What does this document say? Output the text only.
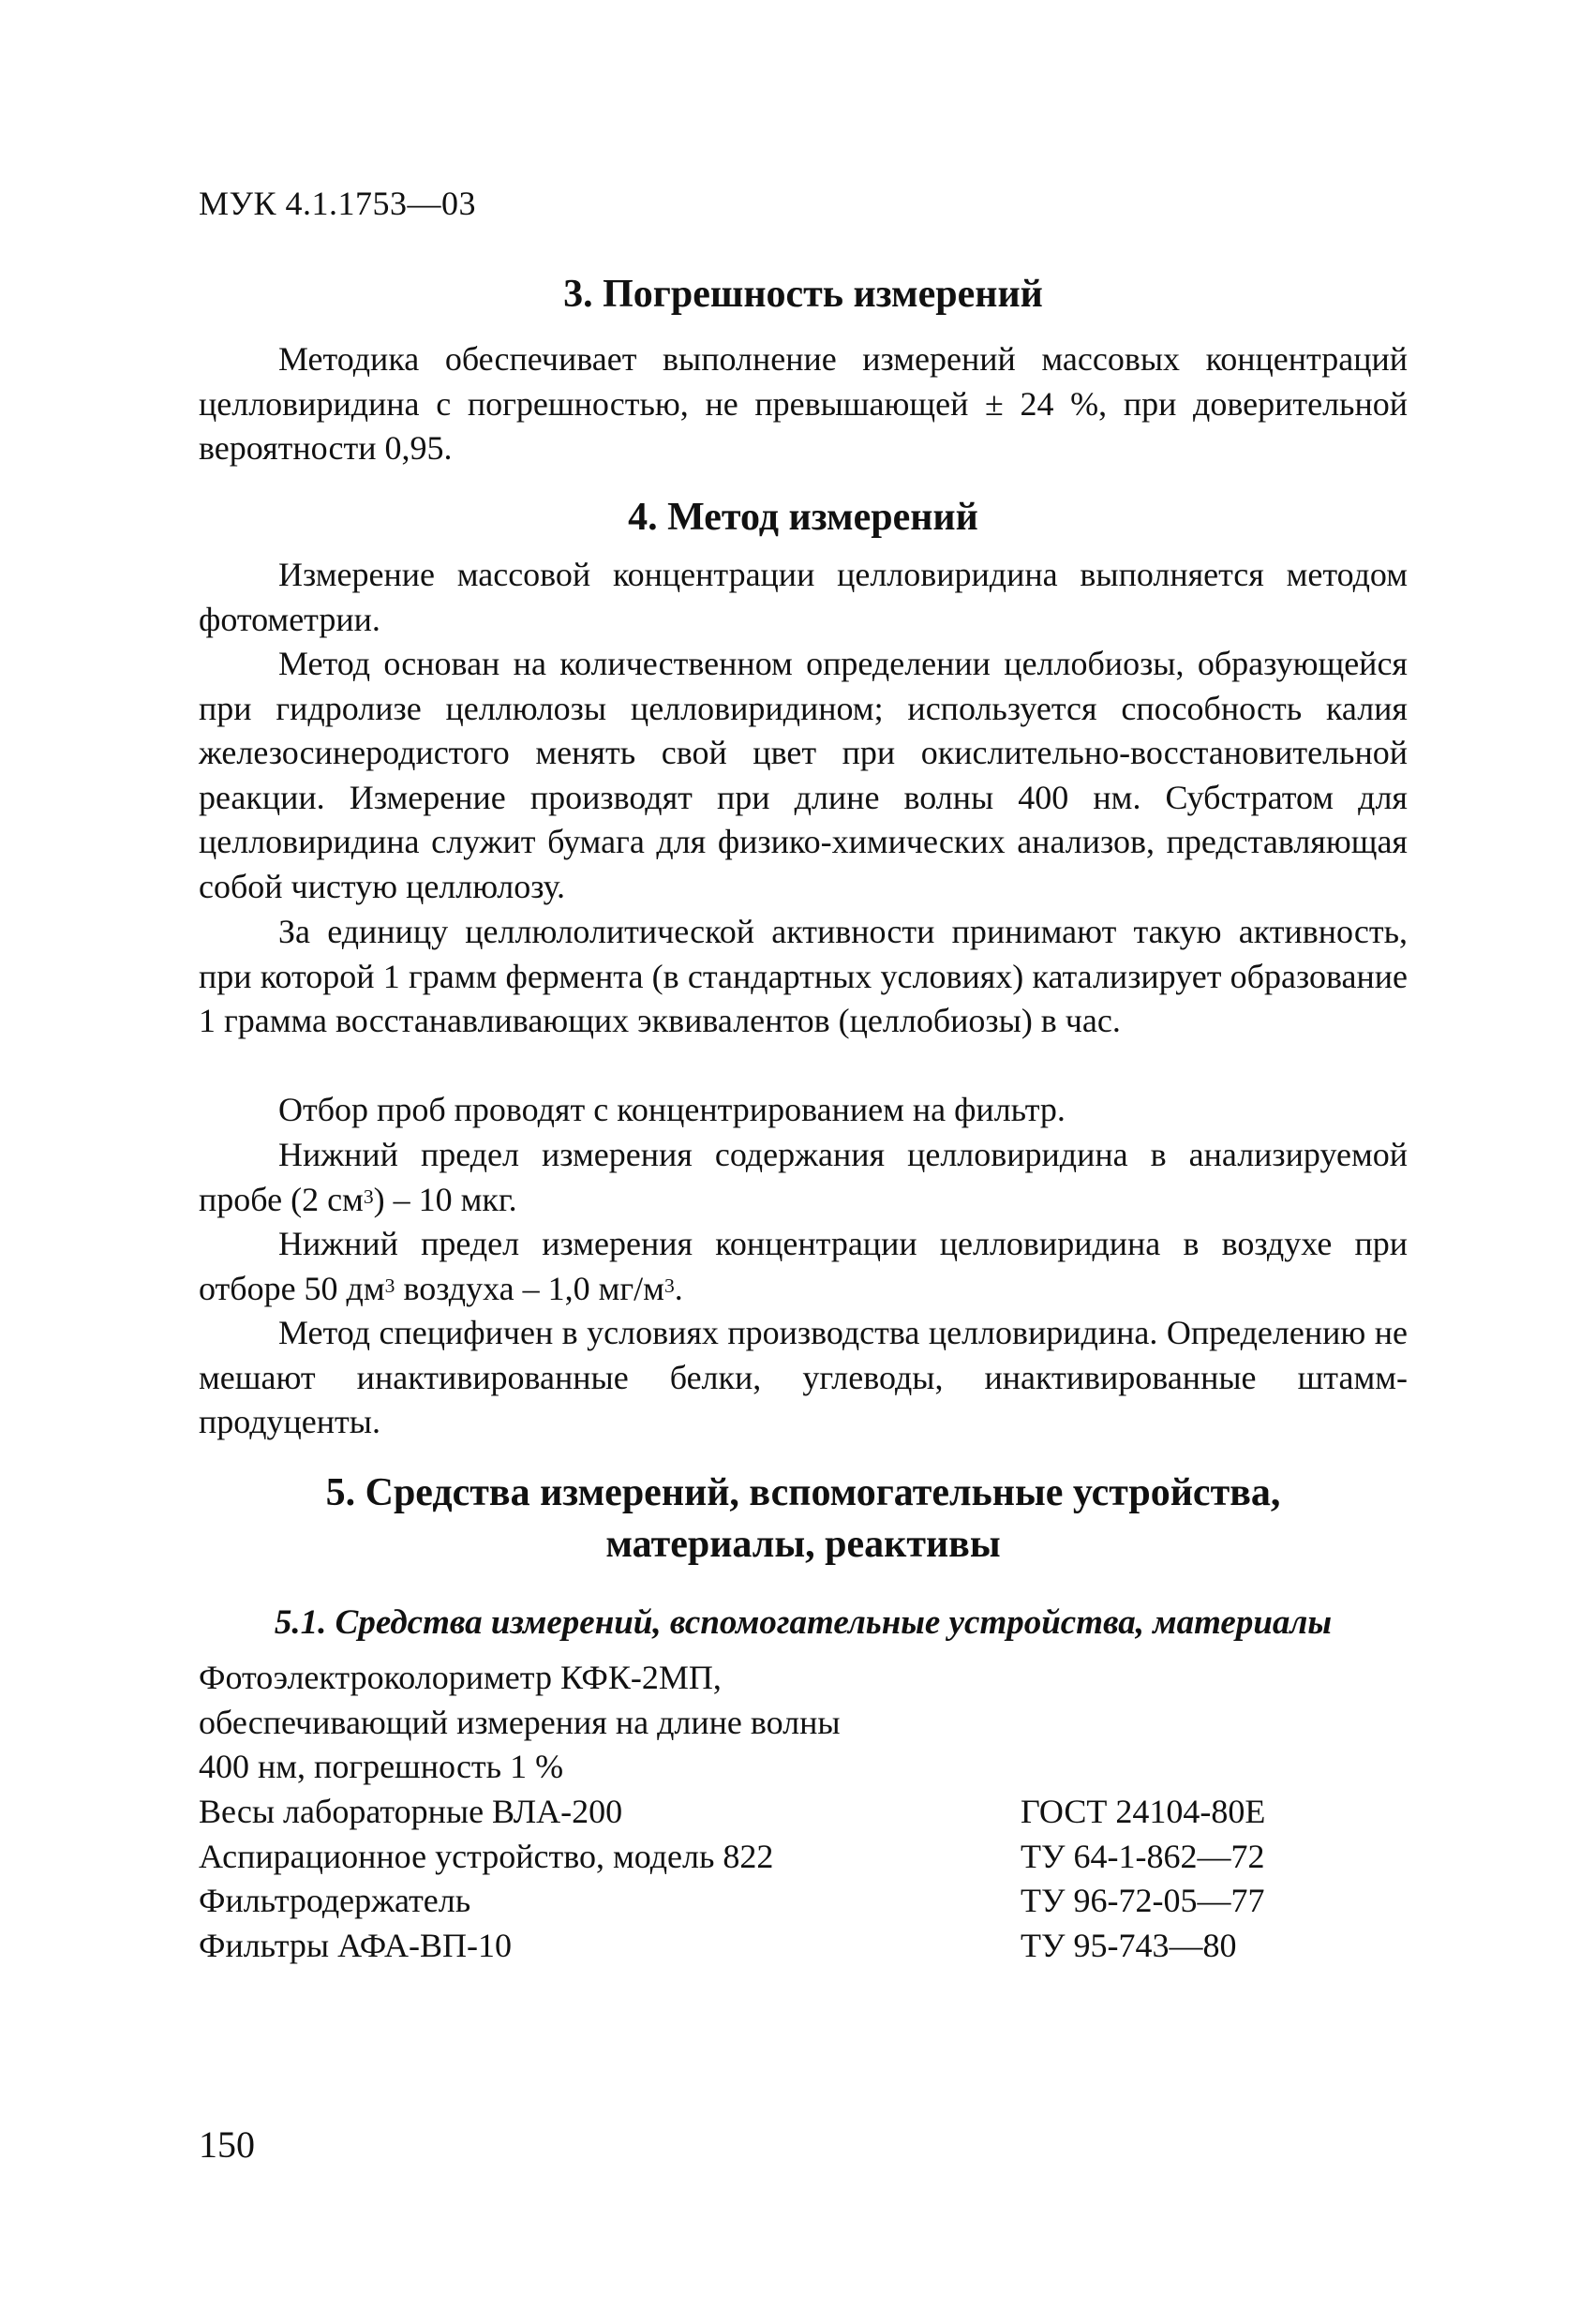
МУК 4.1.1753—03
3. Погрешность измерений
Методика обеспечивает выполнение измерений массовых концентраций целловиридина с погрешностью, не превышающей ± 24 %, при доверительной вероятности 0,95.
4. Метод измерений
Измерение массовой концентрации целловиридина выполняется методом фотометрии.
Метод основан на количественном определении целлобиозы, образующейся при гидролизе целлюлозы целловиридином; используется способность калия железосинеродистого менять свой цвет при окислительно-восстановительной реакции. Измерение производят при длине волны 400 нм. Субстратом для целловиридина служит бумага для физико-химических анализов, представляющая собой чистую целлюлозу.
За единицу целлюлолитической активности принимают такую активность, при которой 1 грамм фермента (в стандартных условиях) катализирует образование 1 грамма восстанавливающих эквивалентов (целлобиозы) в час.
Отбор проб проводят с концентрированием на фильтр.
Нижний предел измерения содержания целловиридина в анализируемой пробе (2 $см^3) - 10$ мкг.
Нижний предел измерения концентрации целловиридина в воздухе при отборе 50 $дм^3$ воздуха – 1,0 $мг/м^3$.
Метод специфичен в условиях производства целловиридина. Определению не мешают инактивированные белки, углеводы, инактивированные штамм-продуценты.
5. Средства измерений, вспомогательные устройства,
материалы, реактивы
5.1. Средства измерений, вспомогательные устройства, материалы
Фотоэлектроколориметр КФК-2МП,
обеспечивающий измерения на длине волны
400 нм, погрешность 1 %
Весы лабораторные ВЛА-200	ГОСТ 24104-80Е
Аспирационное устройство, модель 822	ТУ 64-1-862—72
Фильтродержатель	ТУ 96-72-05—77
Фильтры АФА-ВП-10	ТУ 95-743—80
150
